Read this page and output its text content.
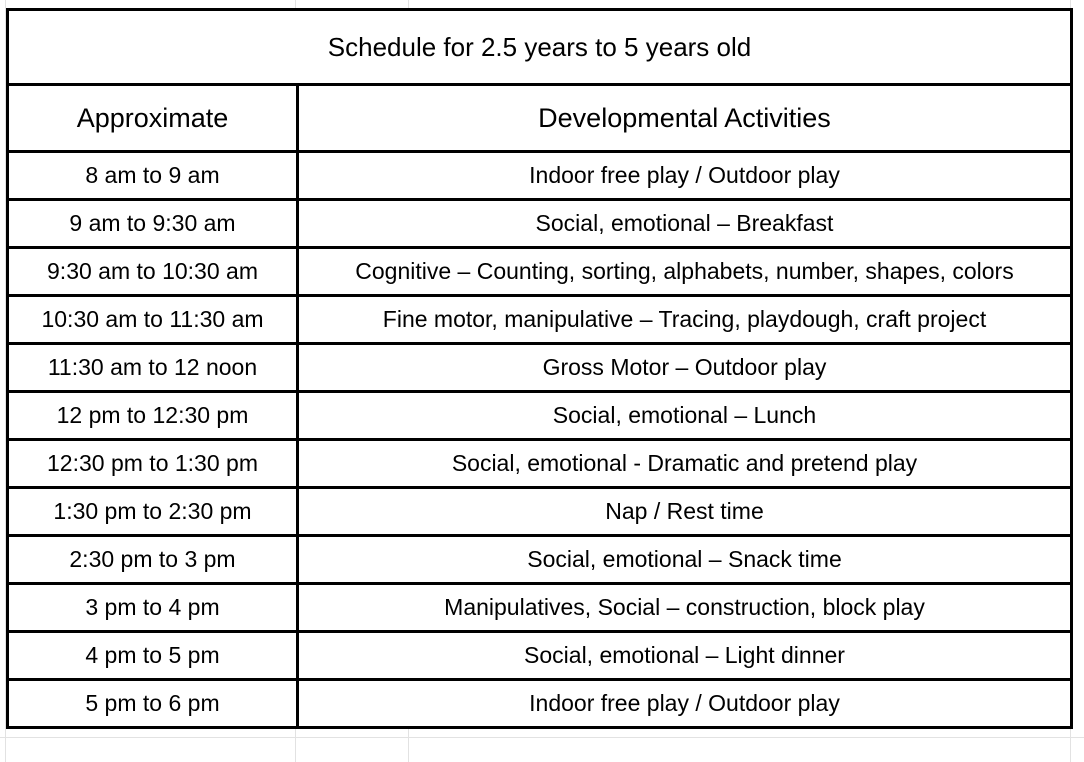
Schedule for 2.5 years to 5 years old	
Approximate	Developmental Activities
8 am to 9 am	Indoor free play / Outdoor play
9 am to 9:30 am	Social, emotional – Breakfast
9:30 am to 10:30 am	Cognitive – Counting, sorting, alphabets, number, shapes, colors
10:30 am to 11:30 am	Fine motor, manipulative – Tracing, playdough, craft project
11:30 am to 12 noon	Gross Motor – Outdoor play
12 pm to 12:30 pm	Social, emotional – Lunch
12:30 pm to 1:30 pm	Social, emotional - Dramatic and pretend play
1:30 pm to 2:30 pm	Nap / Rest time
2:30 pm to 3 pm	Social, emotional – Snack time
3 pm to 4 pm	Manipulatives, Social – construction, block play
4 pm to 5 pm	Social, emotional – Light dinner
5 pm to 6 pm	Indoor free play / Outdoor play
